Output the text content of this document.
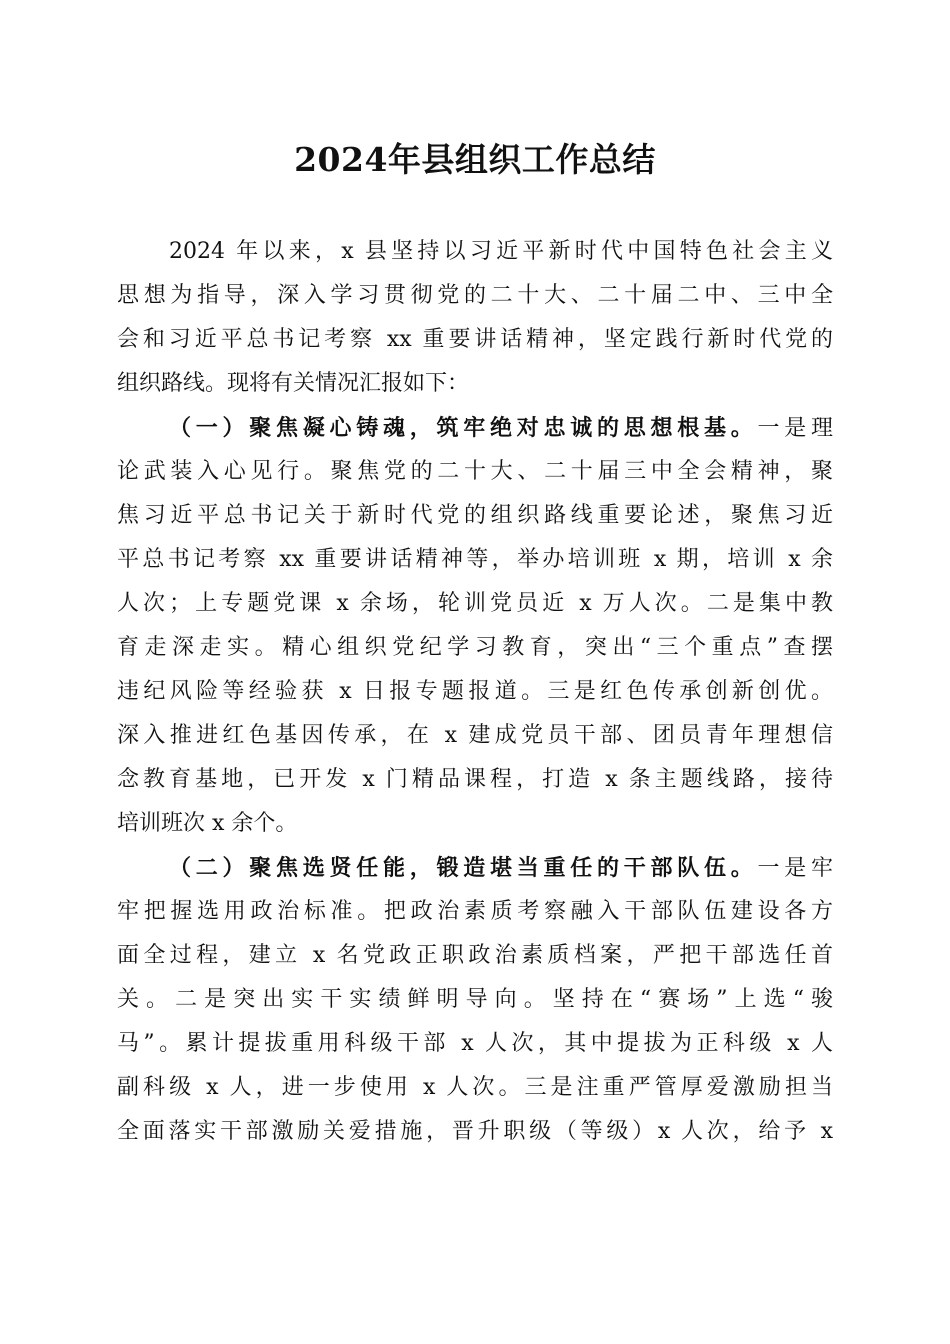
2024年县组织工作总结
2024 年以来，x 县坚持以习近平新时代中国特色社会主义
思想为指导，深入学习贯彻党的二十大、二十届二中、三中全
会和习近平总书记考察 xx 重要讲话精神，坚定践行新时代党的
组织路线。现将有关情况汇报如下：
（一）聚焦凝心铸魂，筑牢绝对忠诚的思想根基。一是理
论武装入心见行。聚焦党的二十大、二十届三中全会精神，聚
焦习近平总书记关于新时代党的组织路线重要论述，聚焦习近
平总书记考察 xx 重要讲话精神等，举办培训班 x 期，培训 x 余
人次；上专题党课 x 余场，轮训党员近 x 万人次。二是集中教
育走深走实。精心组织党纪学习教育，突出“三个重点”查摆
违纪风险等经验获 x 日报专题报道。三是红色传承创新创优。
深入推进红色基因传承，在 x 建成党员干部、团员青年理想信
念教育基地，已开发 x 门精品课程，打造 x 条主题线路，接待
培训班次 x 余个。
（二）聚焦选贤任能，锻造堪当重任的干部队伍。一是牢
牢把握选用政治标准。把政治素质考察融入干部队伍建设各方
面全过程，建立 x 名党政正职政治素质档案，严把干部选任首
关。二是突出实干实绩鲜明导向。坚持在“赛场”上选“骏
马”。累计提拔重用科级干部 x 人次，其中提拔为正科级 x 人
副科级 x 人，进一步使用 x 人次。三是注重严管厚爱激励担当
全面落实干部激励关爱措施，晋升职级（等级）x 人次，给予 x
